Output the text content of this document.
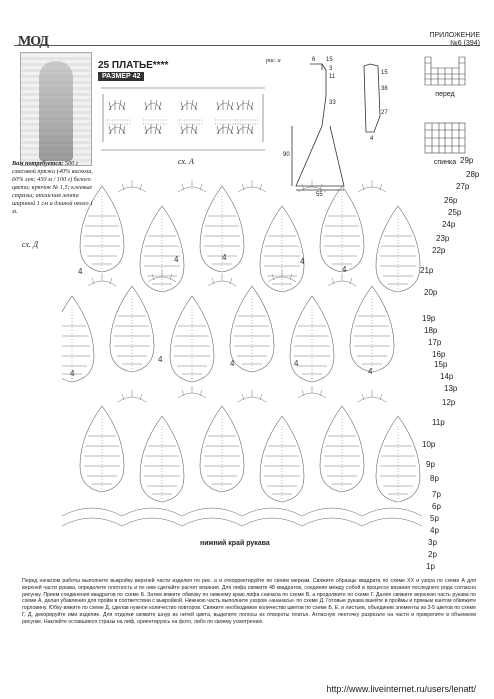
МОД	ПРИЛОЖЕНИЕ
№6 (394)
Вам потребуется: 500 г смесовой пряжи (40% вискоза, 60% лен; 450 м / 100 г) белого цвета; крючок № 1,5; клеевые стразы; атласная лента шириной 1 см и длиной около 1 м.
25 ПЛАТЬЕ****
РАЗМЕР 42
сх. А
6 15
3
11
33
15
38
27
90
55
4
рис. а
перед
спинка
сх. Д
4
4	4	4
4
4
4	4	4
4
29р
28р
27р
26р
25р
24р
23р
22р
21р
20р
19р
18р
17р
16р
15р
14р
13р
12р
11р
10р
9р
8р
7р
6р
5р
4р
3р
2р
1р
нижний край рукава
Перед началом работы выполните выкройку верхней части изделия по рис. а и откорректируйте по своим меркам. Свяжите образцы квадрата по схеме ХХ и узора по схеме А для верхней части рукава, определите плотность и по ним сделайте расчет вязания. Для лифа свяжите 48 квадратов, соединяя между собой в процессе вязания последнего ряда согласно рисунку. Прием соединения квадратов по схеме Б. Затем вяжите обвязку по нижнему краю лифа сначала по схеме В, а продолжите по схеме Г. Далее свяжите верхнюю часть рукава по схеме А, делая убавления для пройм в соответствии с выкройкой. Нижнюю часть выполните узором «ананасы» по схеме Д. Готовые рукава вшейте в проймы и прямым кантом обвяжите горловину. Юбку вяжите по схеме Д, сделав нужное количество повторов. Свяжите необходимое количество цветов по схеме Б, Е, и листьев, объединив элементы из 3-5 цветов по схеме Г, Д, декорируйте ими изделие. Для отделки свяжите шнур из нитей цвета, выделите полосы из отвороты платья. Атласную ленточку разрезьте на части и прикрепите в объемном рисунке. Наклейте оставшиеся стразы на лиф, ориентируясь на фото, либо по своему усмотрению.
http://www.liveinternet.ru/users/lenatt/
